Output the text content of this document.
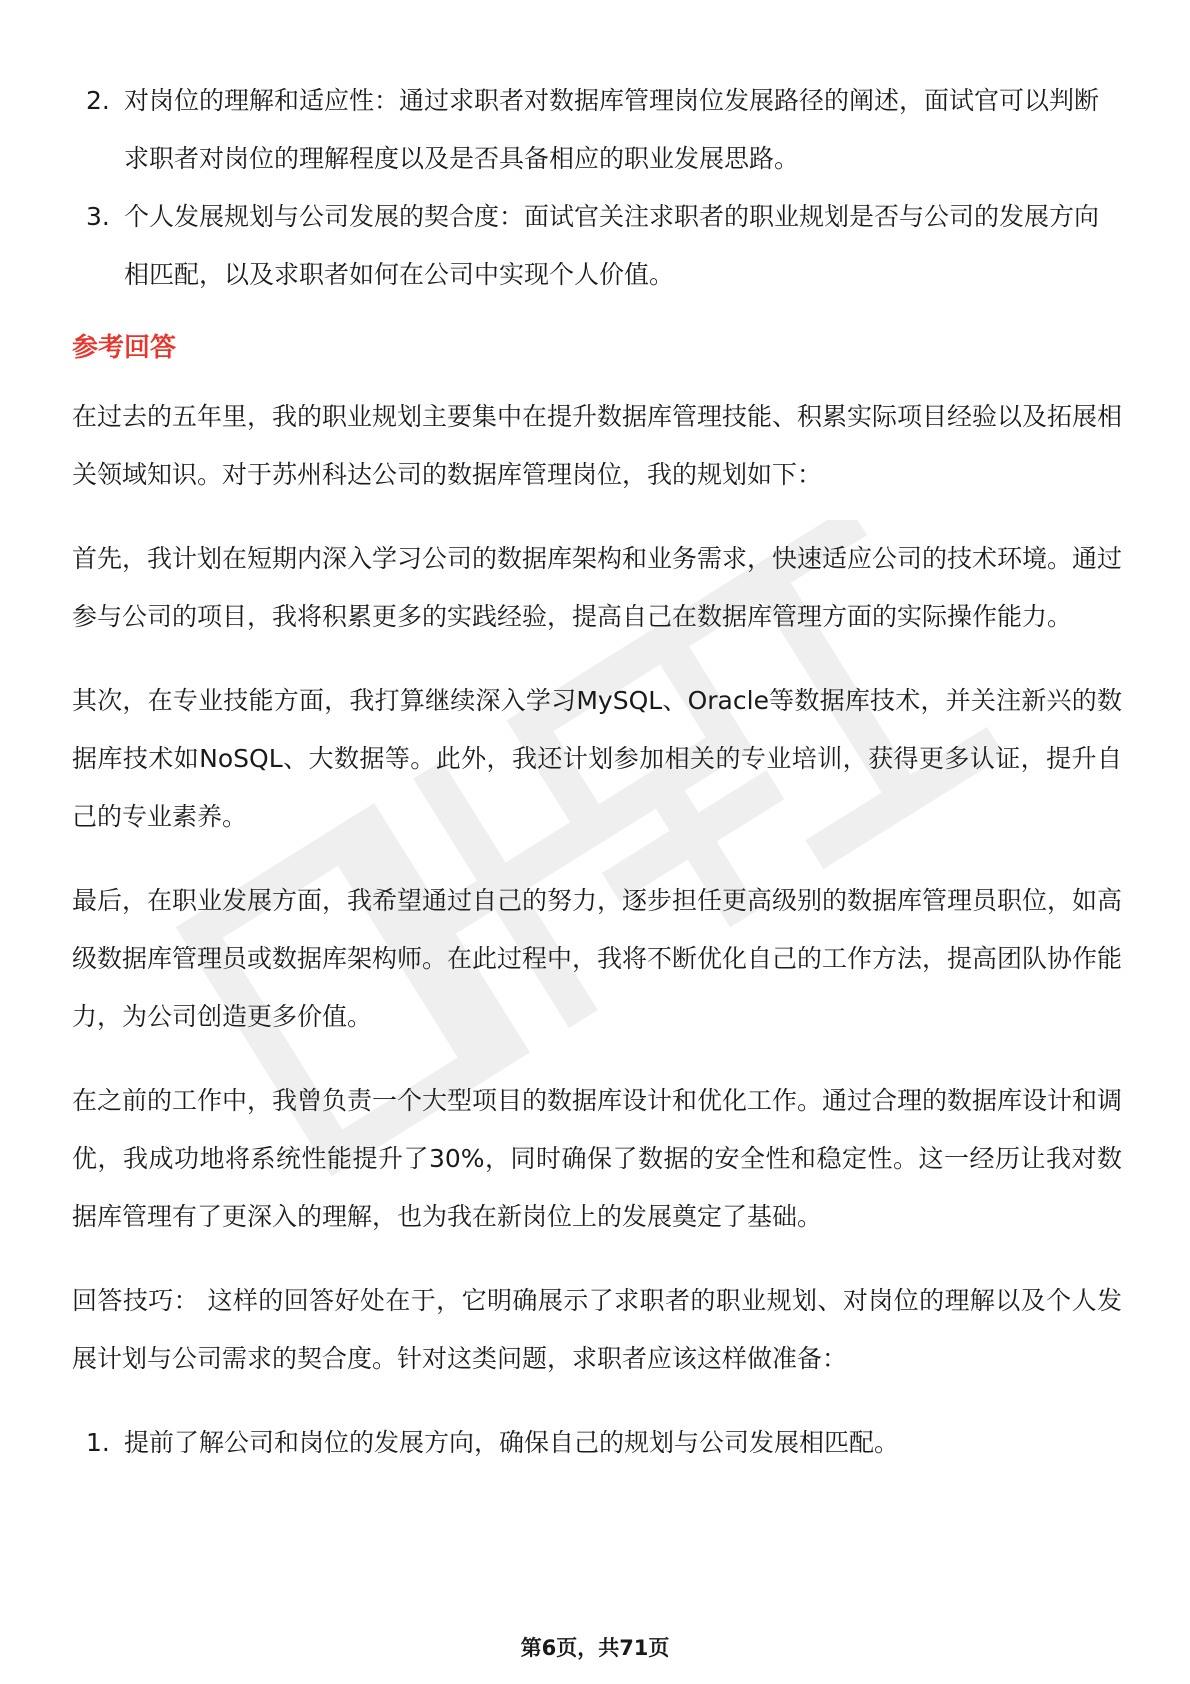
2. 对岗位的理解和适应性：通过求职者对数据库管理岗位发展路径的阐述，面试官可以判断求职者对岗位的理解程度以及是否具备相应的职业发展思路。
3. 个人发展规划与公司发展的契合度：面试官关注求职者的职业规划是否与公司的发展方向相匹配，以及求职者如何在公司中实现个人价值。
参考回答

在过去的五年里，我的职业规划主要集中在提升数据库管理技能、积累实际项目经验以及拓展相关领域知识。对于苏州科达公司的数据库管理岗位，我的规划如下：

首先，我计划在短期内深入学习公司的数据库架构和业务需求，快速适应公司的技术环境。通过参与公司的项目，我将积累更多的实践经验，提高自己在数据库管理方面的实际操作能力。

其次，在专业技能方面，我打算继续深入学习MySQL、Oracle等数据库技术，并关注新兴的数据库技术如NoSQL、大数据等。此外，我还计划参加相关的专业培训，获得更多认证，提升自己的专业素养。

最后，在职业发展方面，我希望通过自己的努力，逐步担任更高级别的数据库管理员职位，如高级数据库管理员或数据库架构师。在此过程中，我将不断优化自己的工作方法，提高团队协作能力，为公司创造更多价值。

在之前的工作中，我曾负责一个大型项目的数据库设计和优化工作。通过合理的数据库设计和调优，我成功地将系统性能提升了30%，同时确保了数据的安全性和稳定性。这一经历让我对数据库管理有了更深入的理解，也为我在新岗位上的发展奠定了基础。

回答技巧： 这样的回答好处在于，它明确展示了求职者的职业规划、对岗位的理解以及个人发展计划与公司需求的契合度。针对这类问题，求职者应该这样做准备：

1. 提前了解公司和岗位的发展方向，确保自己的规划与公司发展相匹配。
第6页，共71页
